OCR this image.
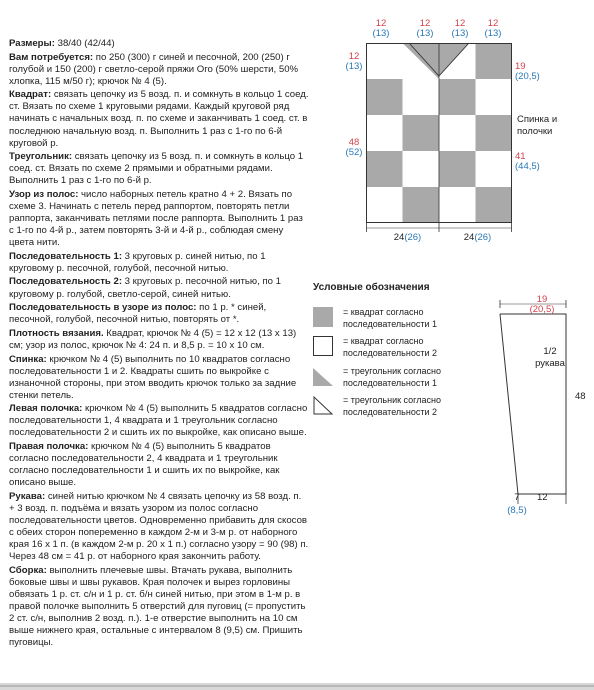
Размеры: 38/40 (42/44)

Вам потребуется: по 250 (300) г синей и песочной, 200 (250) г голубой и 150 (200) г светло-серой пряжи Ого (50% шерсти, 50% хлопка, 115 м/50 г); крючок № 4 (5).

Квадрат: связать цепочку из 5 возд. п. и сомкнуть в кольцо 1 соед. ст. Вязать по схеме 1 круговыми рядами. Каждый круговой ряд начинать с начальных возд. п. по схеме и заканчивать 1 соед. ст. в последнюю начальную возд. п. Выполнить 1 раз с 1-го по 6-й круговой р.

Треугольник: связать цепочку из 5 возд. п. и сомкнуть в кольцо 1 соед. ст. Вязать по схеме 2 прямыми и обратными рядами. Выполнить 1 раз с 1-го по 6-й р.

Узор из полос: число наборных петель кратно 4 + 2. Вязать по схеме 3. Начинать с петель перед раппортом, повторять петли раппорта, заканчивать петлями после раппорта. Выполнить 1 раз с 1-го по 4-й р., затем повторять 3-й и 4-й р., соблюдая смену цвета нити.

Последовательность 1: 3 круговых р. синей нитью, по 1 круговому р. песочной, голубой, песочной нитью.

Последовательность 2: 3 круговых р. песочной нитью, по 1 круговому р. голубой, светло-серой, синей нитью.

Последовательность в узоре из полос: по 1 р. * синей, песочной, голубой, песочной нитью, повторять от *.

Плотность вязания. Квадрат, крючок № 4 (5) = 12 x 12 (13 x 13) см; узор из полос, крючок № 4: 24 п. и 8,5 р. = 10 x 10 см.

Спинка: крючком № 4 (5) выполнить по 10 квадратов согласно последовательности 1 и 2. Квадраты сшить по выкройке с изнаночной стороны, при этом вводить крючок только за задние стенки петель.

Левая полочка: крючком № 4 (5) выполнить 5 квадратов согласно последовательности 1, 4 квадрата и 1 треугольник согласно последовательности 2 и сшить их по выкройке, как описано выше.

Правая полочка: крючком № 4 (5) выполнить 5 квадратов согласно последовательности 2, 4 квадрата и 1 треугольник согласно последовательности 1 и сшить их по выкройке, как описано выше.

Рукава: синей нитью крючком № 4 связать цепочку из 58 возд. п. + 3 возд. п. подъёма и вязать узором из полос согласно последовательности цветов. Одновременно прибавить для скосов с обеих сторон попеременно в каждом 2-м и 3-м р. от наборного края 16 x 1 п. (в каждом 2-м р. 20 x 1 п.) согласно узору = 90 (98) п. Через 48 см = 41 р. от наборного края закончить работу.

Сборка: выполнить плечевые швы. Втачать рукава, выполнить боковые швы и швы рукавов. Края полочек и вырез горловины обвязать 1 р. ст. с/н и 1 р. ст. б/н синей нитью, при этом в 1-м р. в правой полочке выполнить 5 отверстий для пуговиц (= пропустить 2 ст. с/н, выполнив 2 возд. п.). 1-е отверстие выполнить на 10 см выше нижнего края, остальные с интервалом 8 (9,5) см. Пришить пуговицы.

12
(13)
12
(13)
12
(13)
12
(13)
12
(13)
48
(52)
19
(20,5)
41
(44,5)
24(26)	24(26)
Спинка и полочки
Условные обозначения
= квадрат согласно последовательности 1
= квадрат согласно последовательности 2
= треугольник согласно последовательности 1
= треугольник согласно последовательности 2
19
(20,5)
1/2 рукава
48
7
(8,5)
12
